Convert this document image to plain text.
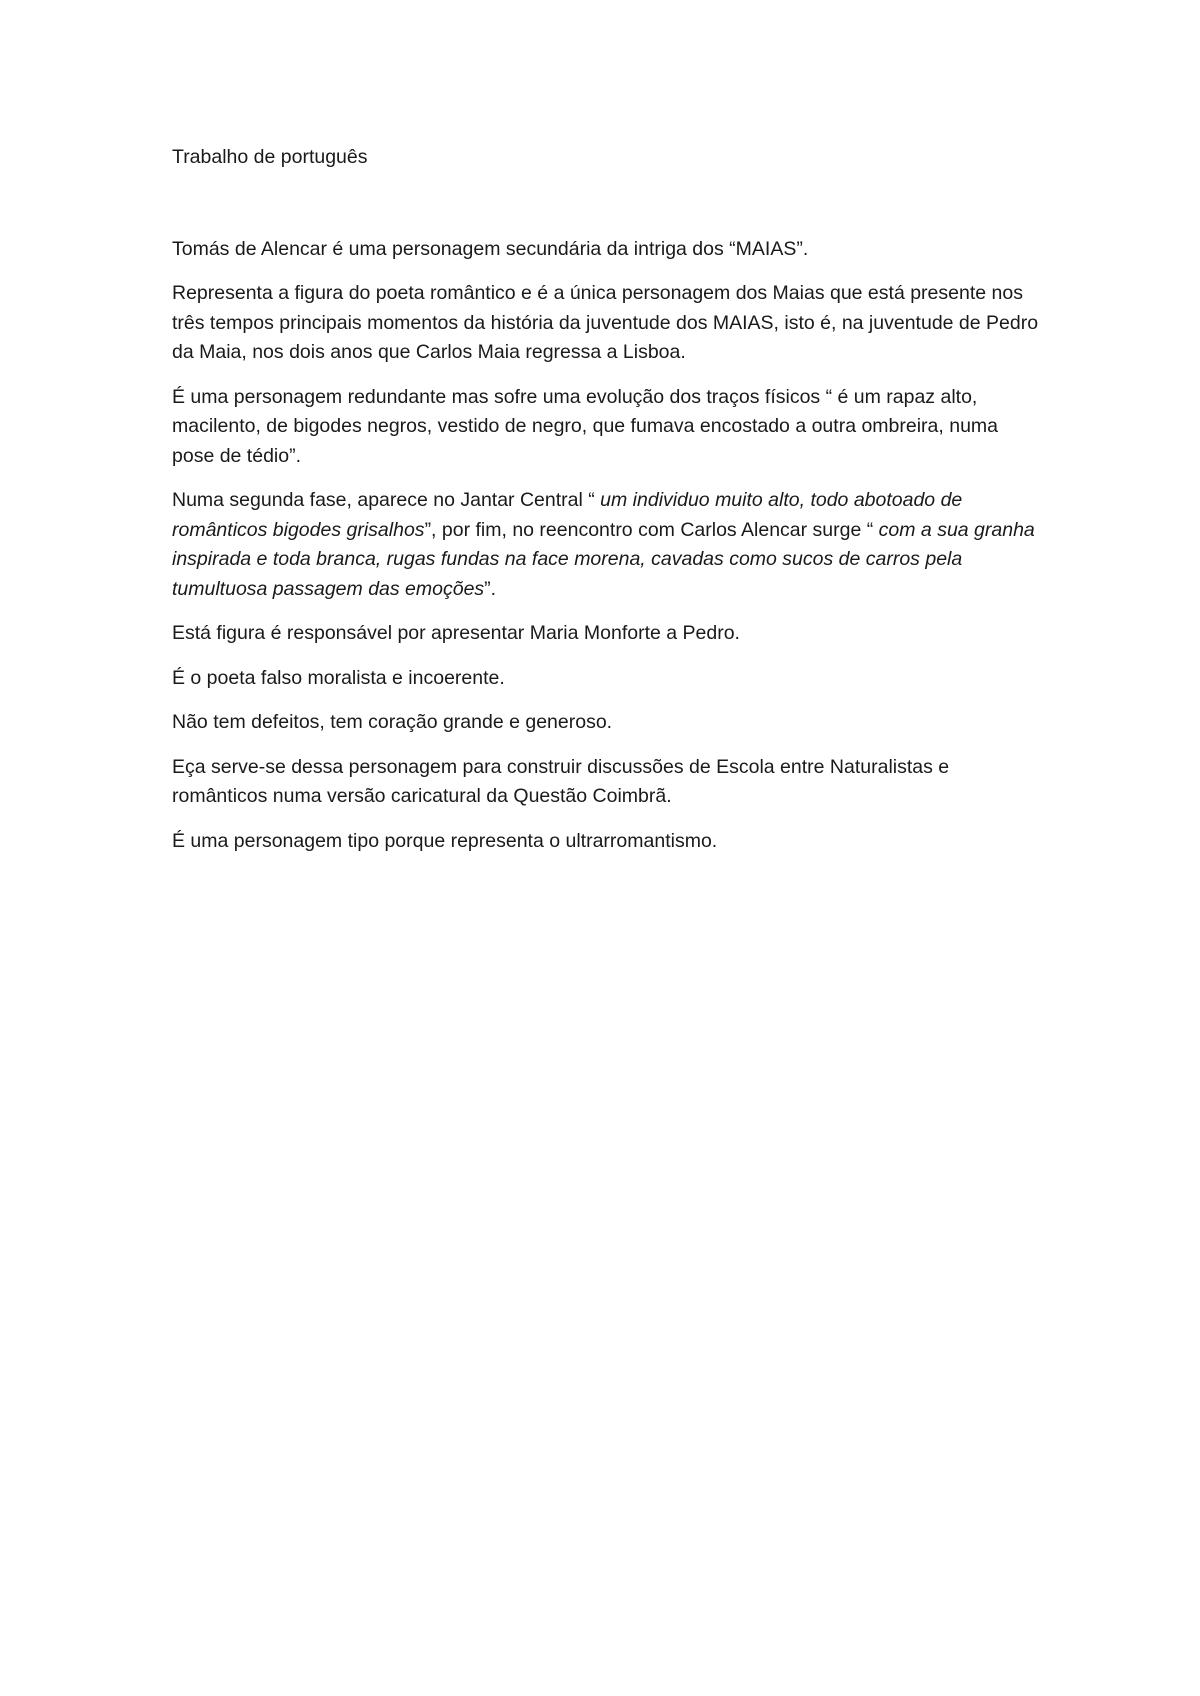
Trabalho de português

Tomás de Alencar é uma personagem secundária da intriga dos “MAIAS”.

Representa a figura do poeta romântico e é a única personagem dos Maias que está presente nos três tempos principais momentos da história da juventude dos MAIAS, isto é, na juventude de Pedro da Maia, nos dois anos que Carlos Maia regressa a Lisboa.

É uma personagem redundante mas sofre uma evolução dos traços físicos “ é um rapaz alto, macilento, de bigodes negros, vestido de negro, que fumava encostado a outra ombreira, numa pose de tédio”.

Numa segunda fase, aparece no Jantar Central “ um individuo muito alto, todo abotoado de românticos bigodes grisalhos”, por fim, no reencontro com Carlos Alencar surge “ com a sua granha inspirada e toda branca, rugas fundas na face morena, cavadas como sucos de carros pela tumultuosa passagem das emoções”.

Está figura é responsável por apresentar Maria Monforte a Pedro.

É o poeta falso moralista e incoerente.

Não tem defeitos, tem coração grande e generoso.

Eça serve-se dessa personagem para construir discussões de Escola entre Naturalistas e românticos numa versão caricatural da Questão Coimbrã.

É uma personagem tipo porque representa o ultrarromantismo.
